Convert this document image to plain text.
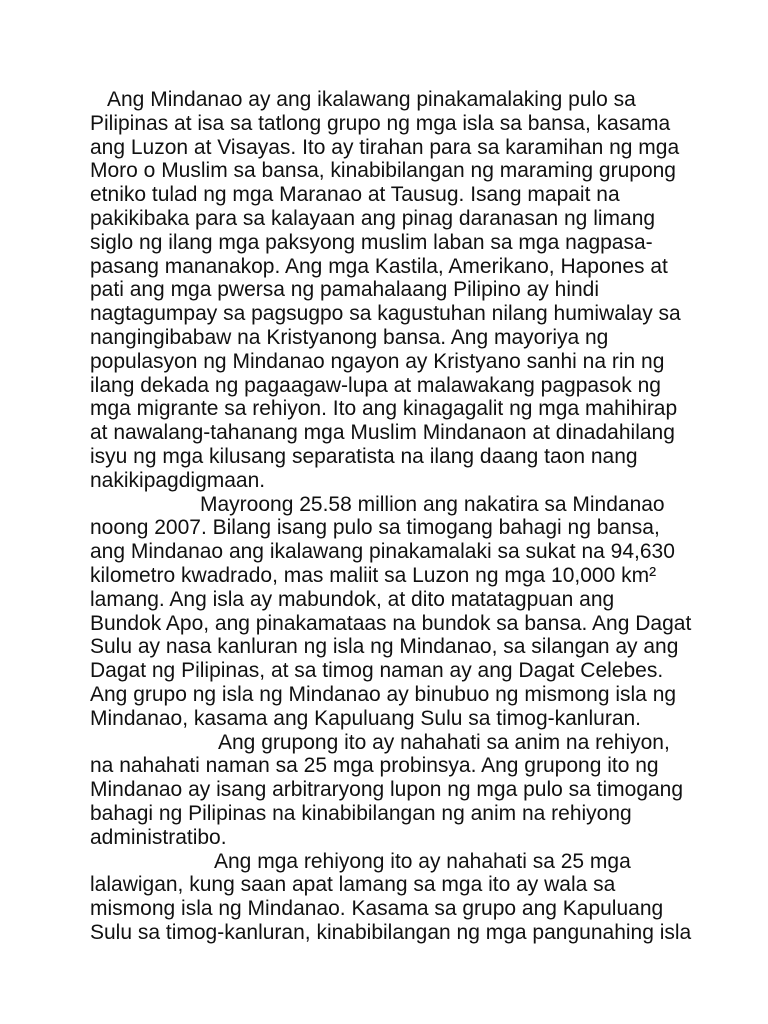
Ang Mindanao ay ang ikalawang pinakamalaking pulo sa
Pilipinas at isa sa tatlong grupo ng mga isla sa bansa, kasama
ang Luzon at Visayas. Ito ay tirahan para sa karamihan ng mga
Moro o Muslim sa bansa, kinabibilangan ng maraming grupong
etniko tulad ng mga Maranao at Tausug. Isang mapait na
pakikibaka para sa kalayaan ang pinag daranasan ng limang
siglo ng ilang mga paksyong muslim laban sa mga nagpasa-
pasang mananakop. Ang mga Kastila, Amerikano, Hapones at
pati ang mga pwersa ng pamahalaang Pilipino ay hindi
nagtagumpay sa pagsugpo sa kagustuhan nilang humiwalay sa
nangingibabaw na Kristyanong bansa. Ang mayoriya ng
populasyon ng Mindanao ngayon ay Kristyano sanhi na rin ng
ilang dekada ng pagaagaw-lupa at malawakang pagpasok ng
mga migrante sa rehiyon. Ito ang kinagagalit ng mga mahihirap
at nawalang-tahanang mga Muslim Mindanaon at dinadahilang
isyu ng mga kilusang separatista na ilang daang taon nang
nakikipagdigmaan.
Mayroong 25.58 million ang nakatira sa Mindanao
noong 2007. Bilang isang pulo sa timogang bahagi ng bansa,
ang Mindanao ang ikalawang pinakamalaki sa sukat na 94,630
kilometro kwadrado, mas maliit sa Luzon ng mga 10,000 km²
lamang. Ang isla ay mabundok, at dito matatagpuan ang
Bundok Apo, ang pinakamataas na bundok sa bansa. Ang Dagat
Sulu ay nasa kanluran ng isla ng Mindanao, sa silangan ay ang
Dagat ng Pilipinas, at sa timog naman ay ang Dagat Celebes.
Ang grupo ng isla ng Mindanao ay binubuo ng mismong isla ng
Mindanao, kasama ang Kapuluang Sulu sa timog-kanluran.
Ang grupong ito ay nahahati sa anim na rehiyon,
na nahahati naman sa 25 mga probinsya. Ang grupong ito ng
Mindanao ay isang arbitraryong lupon ng mga pulo sa timogang
bahagi ng Pilipinas na kinabibilangan ng anim na rehiyong
administratibo.
Ang mga rehiyong ito ay nahahati sa 25 mga
lalawigan, kung saan apat lamang sa mga ito ay wala sa
mismong isla ng Mindanao. Kasama sa grupo ang Kapuluang
Sulu sa timog-kanluran, kinabibilangan ng mga pangunahing isla
